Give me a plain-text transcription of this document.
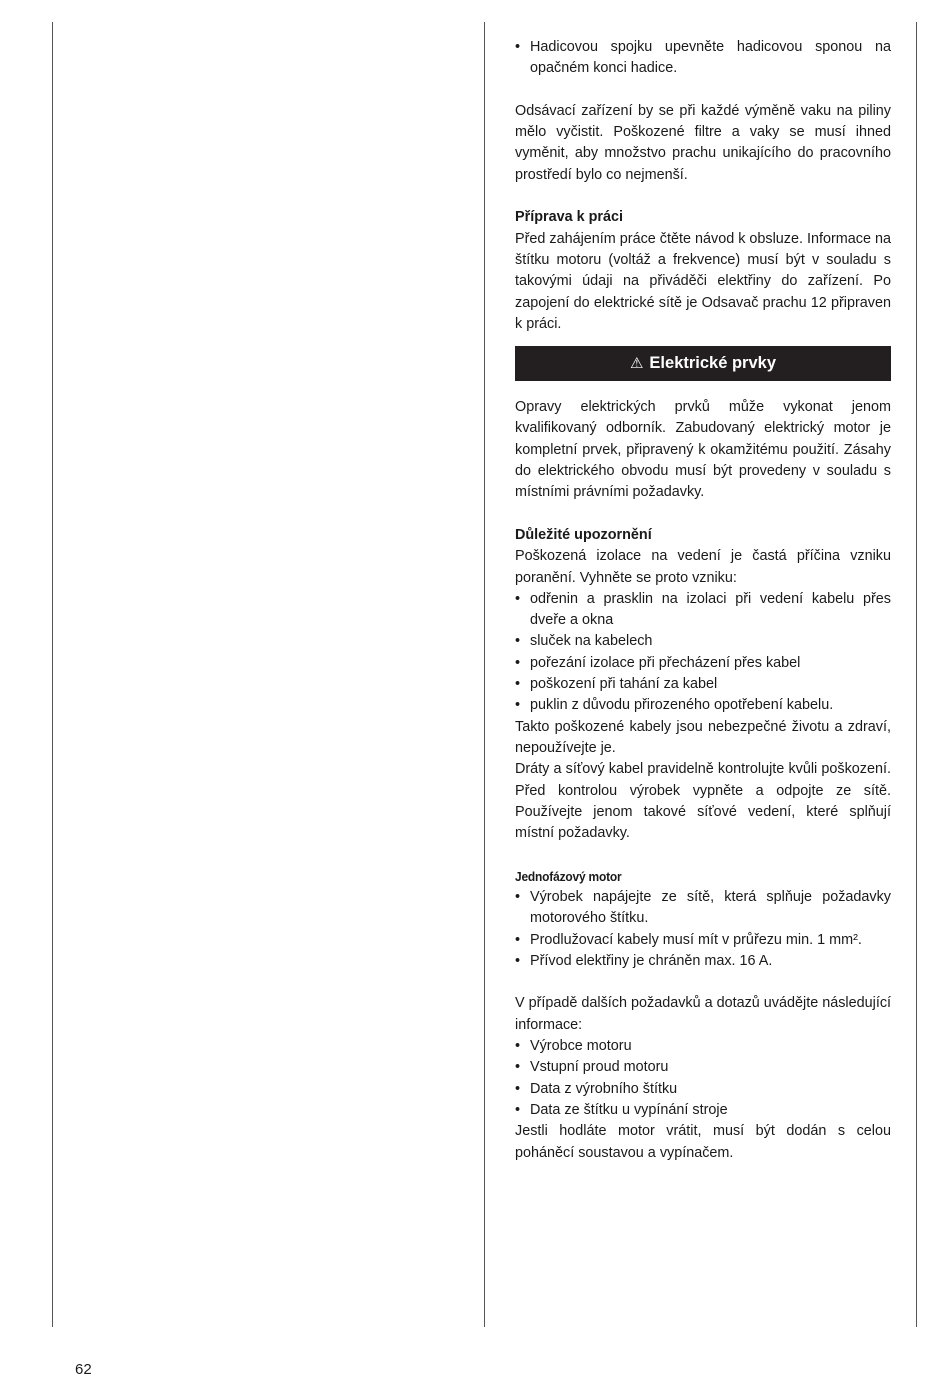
• Hadicovou spojku upevněte hadicovou sponou na opačném konci hadice.

Odsávací zařízení by se při každé výměně vaku na piliny mělo vyčistit. Poškozené filtre a vaky se musí ihned vyměnit, aby množstvo prachu unikajícího do pracovního prostředí bylo co nejmenší.

Příprava k práci

Před zahájením práce čtěte návod k obsluze. Informace na štítku motoru (voltáž a frekvence) musí být v souladu s takovými údaji na přiváděči elektřiny do zařízení. Po zapojení do elektrické sítě je Odsavač prachu 12 připraven k práci.

⚠ Elektrické prvky

Opravy elektrických prvků může vykonat jenom kvalifikovaný odborník. Zabudovaný elektrický motor je kompletní prvek, připravený k okamžitému použití. Zásahy do elektrického obvodu musí být provedeny v souladu s místními právními požadavky.

Důležité upozornění

Poškozená izolace na vedení je častá příčina vzniku poranění. Vyhněte se proto vzniku:

• odřenin a prasklin na izolaci při vedení kabelu přes dveře a okna
• sluček na kabelech
• pořezání izolace při přecházení přes kabel
• poškození při tahání za kabel
• puklin z důvodu přirozeného opotřebení kabelu.

Takto poškozené kabely jsou nebezpečné životu a zdraví, nepoužívejte je.

Dráty a síťový kabel pravidelně kontrolujte kvůli poškození. Před kontrolou výrobek vypněte a odpojte ze sítě. Používejte jenom takové síťové vedení, které splňují místní požadavky.

Jednofázový motor

• Výrobek napájejte ze sítě, která splňuje požadavky motorového štítku.
• Prodlužovací kabely musí mít v průřezu min. 1 mm².
• Přívod elektřiny je chráněn max. 16 A.

V případě dalších požadavků a dotazů uvádějte následující informace:

• Výrobce motoru
• Vstupní proud motoru
• Data z výrobního štítku
• Data ze štítku u vypínání stroje

Jestli hodláte motor vrátit, musí být dodán s celou poháněcí soustavou a vypínačem.

62
